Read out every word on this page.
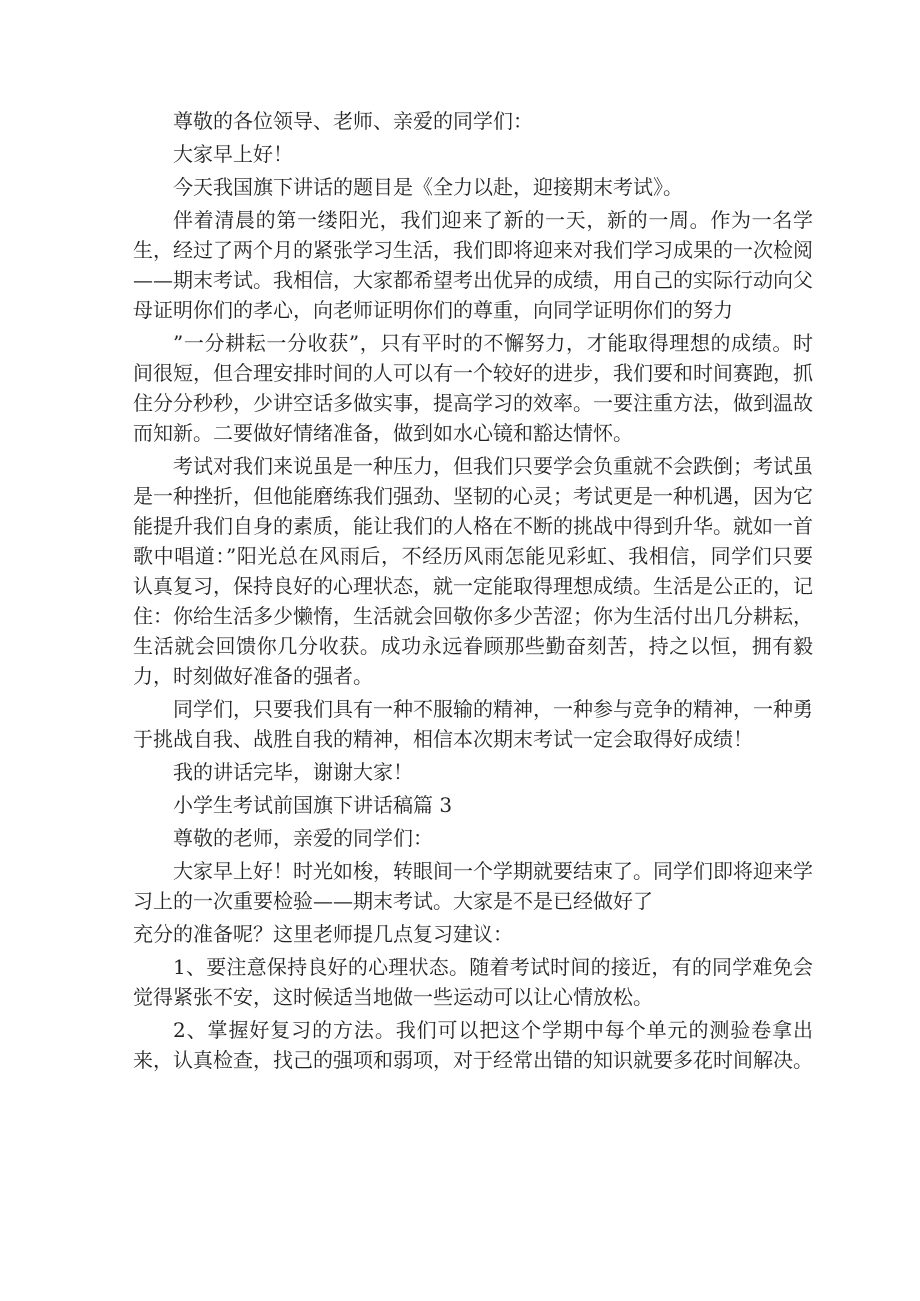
尊敬的各位领导、老师、亲爱的同学们：

大家早上好！

今天我国旗下讲话的题目是《全力以赴，迎接期末考试》。

伴着清晨的第一缕阳光，我们迎来了新的一天，新的一周。作为一名学生，经过了两个月的紧张学习生活，我们即将迎来对我们学习成果的一次检阅——期末考试。我相信，大家都希望考出优异的成绩，用自己的实际行动向父母证明你们的孝心，向老师证明你们的尊重，向同学证明你们的努力

”一分耕耘一分收获”，只有平时的不懈努力，才能取得理想的成绩。时间很短，但合理安排时间的人可以有一个较好的进步，我们要和时间赛跑，抓住分分秒秒，少讲空话多做实事，提高学习的效率。一要注重方法，做到温故而知新。二要做好情绪准备，做到如水心镜和豁达情怀。

考试对我们来说虽是一种压力，但我们只要学会负重就不会跌倒；考试虽是一种挫折，但他能磨练我们强劲、坚韧的心灵；考试更是一种机遇，因为它能提升我们自身的素质，能让我们的人格在不断的挑战中得到升华。就如一首歌中唱道：”阳光总在风雨后，不经历风雨怎能见彩虹、我相信，同学们只要认真复习，保持良好的心理状态，就一定能取得理想成绩。生活是公正的，记住：你给生活多少懒惰，生活就会回敬你多少苦涩；你为生活付出几分耕耘，生活就会回馈你几分收获。成功永远眷顾那些勤奋刻苦，持之以恒，拥有毅力，时刻做好准备的强者。

同学们，只要我们具有一种不服输的精神，一种参与竞争的精神，一种勇于挑战自我、战胜自我的精神，相信本次期末考试一定会取得好成绩！

我的讲话完毕，谢谢大家！

小学生考试前国旗下讲话稿篇 3

尊敬的老师，亲爱的同学们：

大家早上好！时光如梭，转眼间一个学期就要结束了。同学们即将迎来学习上的一次重要检验——期末考试。大家是不是已经做好了

充分的准备呢？这里老师提几点复习建议：

1、要注意保持良好的心理状态。随着考试时间的接近，有的同学难免会觉得紧张不安，这时候适当地做一些运动可以让心情放松。

2、掌握好复习的方法。我们可以把这个学期中每个单元的测验卷拿出来，认真检查，找己的强项和弱项，对于经常出错的知识就要多花时间解决。
